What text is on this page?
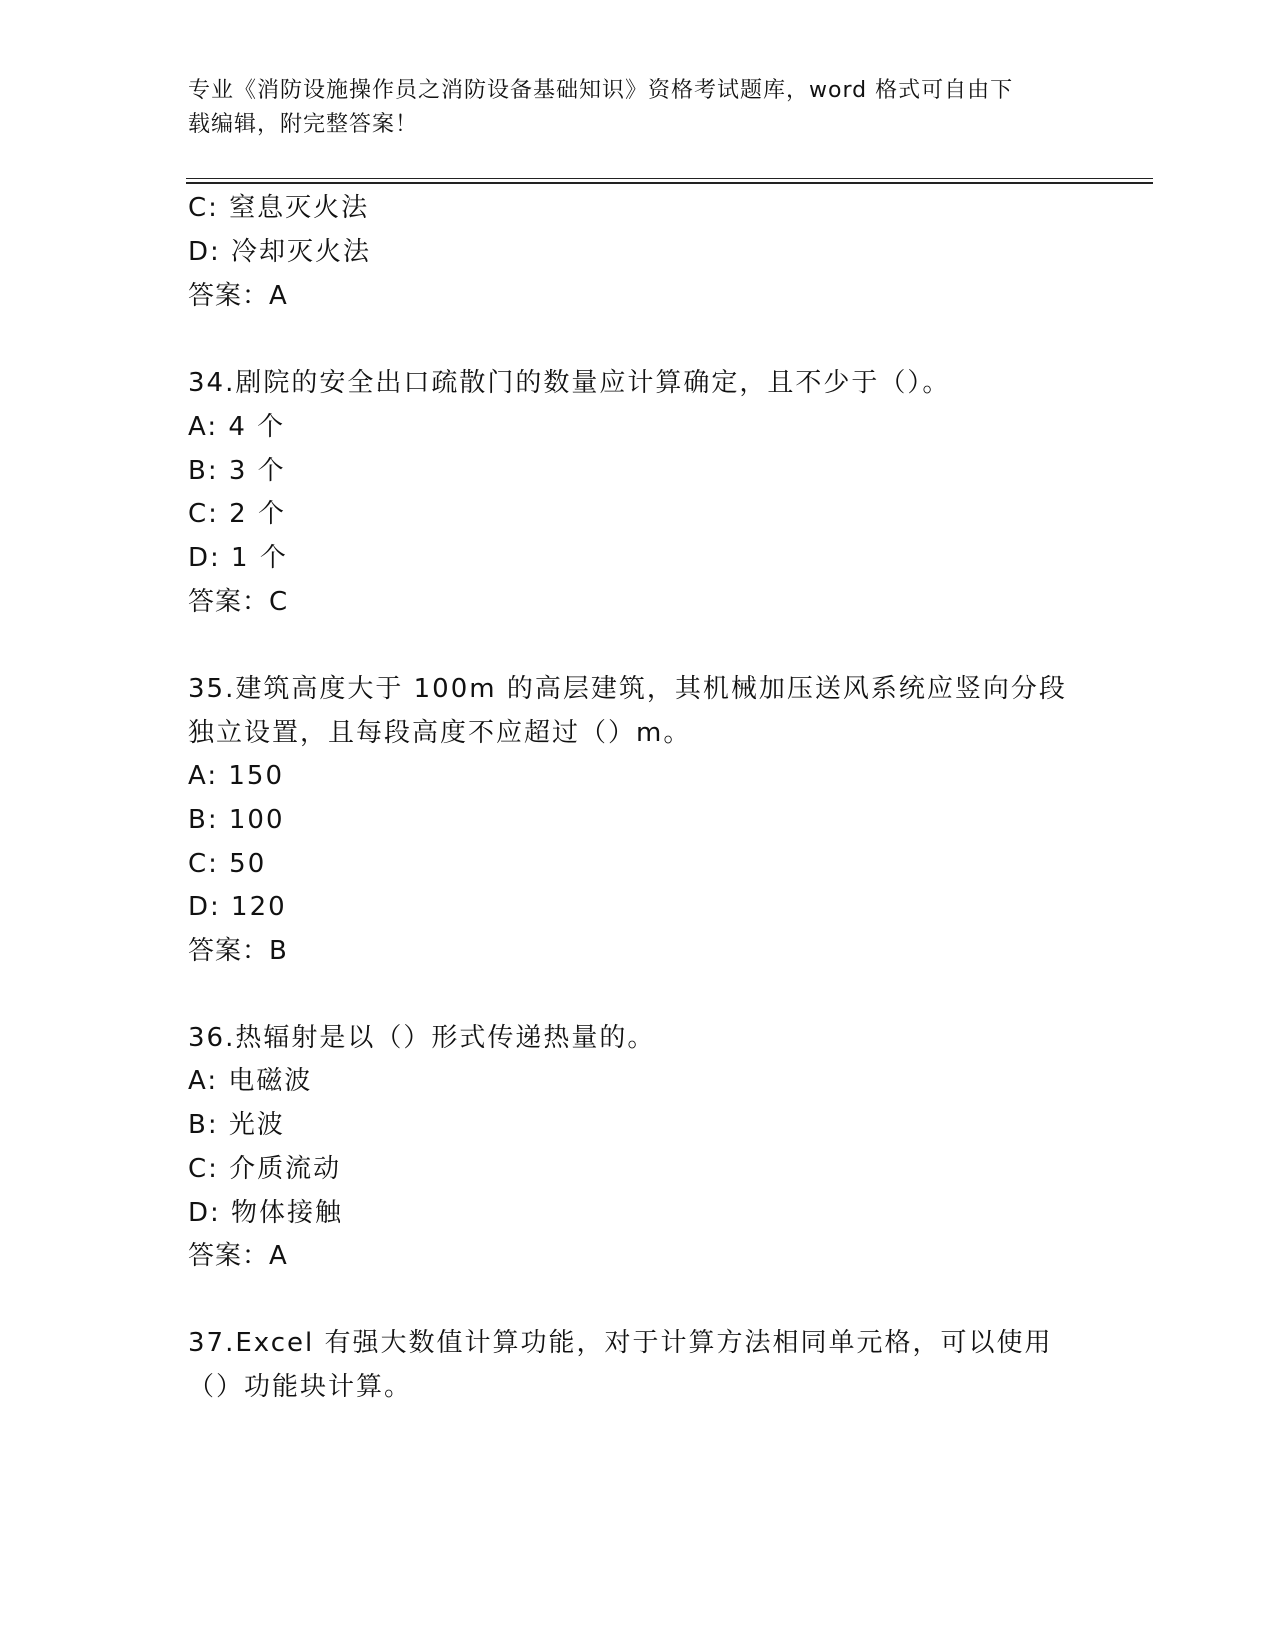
专业《消防设施操作员之消防设备基础知识》资格考试题库，word 格式可自由下
载编辑，附完整答案！
C: 窒息灭火法
D: 冷却灭火法
答案：A
34.剧院的安全出口疏散门的数量应计算确定，且不少于（）。
A: 4 个
B: 3 个
C: 2 个
D: 1 个
答案：C
35.建筑高度大于 100m 的高层建筑，其机械加压送风系统应竖向分段
独立设置，且每段高度不应超过（）m。
A: 150
B: 100
C: 50
D: 120
答案：B
36.热辐射是以（）形式传递热量的。
A: 电磁波
B: 光波
C: 介质流动
D: 物体接触
答案：A
37.Excel 有强大数值计算功能，对于计算方法相同单元格，可以使用
（）功能块计算。
